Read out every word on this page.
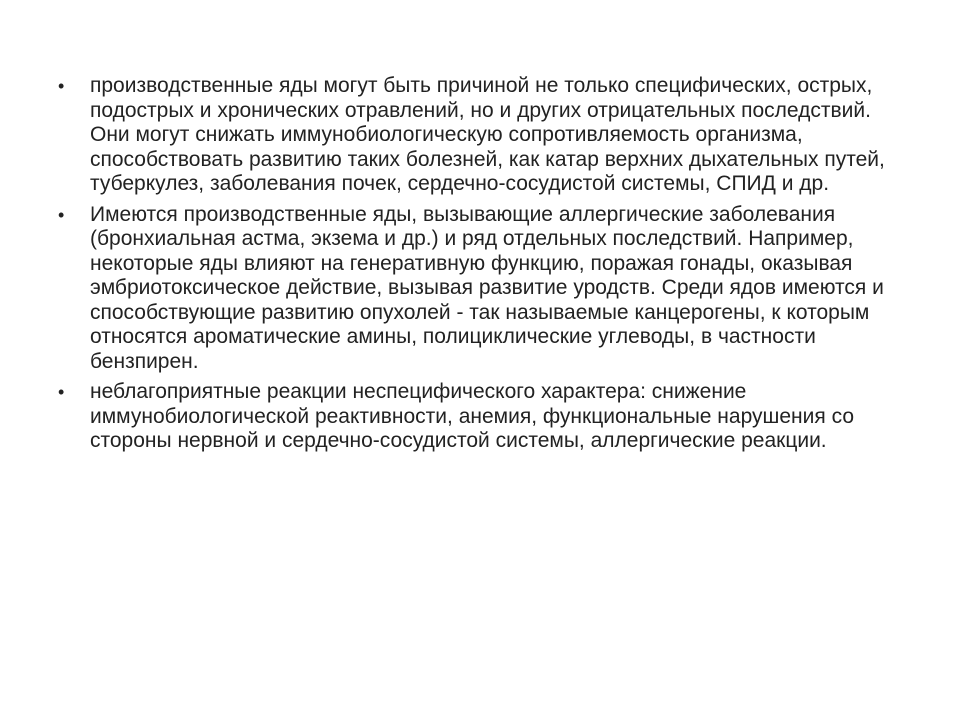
• производственные яды могут быть причиной не только специфических, острых, подострых и хронических отравлений, но и других отрицательных последствий. Они могут снижать иммунобиологическую сопротивляемость организма, способствовать развитию таких болезней, как катар верхних дыхательных путей, туберкулез, заболевания почек, сердечно-сосудистой системы, СПИД и др.
• Имеются производственные яды, вызывающие аллергические заболевания (бронхиальная астма, экзема и др.) и ряд отдельных последствий. Например, некоторые яды влияют на генеративную функцию, поражая гонады, оказывая эмбриотоксическое действие, вызывая развитие уродств. Среди ядов имеются и способствующие развитию опухолей - так называемые канцерогены, к которым относятся ароматические амины, полициклические углеводы, в частности бензпирен.
• неблагоприятные реакции неспецифического характера: снижение иммунобиологической реактивности, анемия, функциональные нарушения со стороны нервной и сердечно-сосудистой системы, аллергические реакции.
